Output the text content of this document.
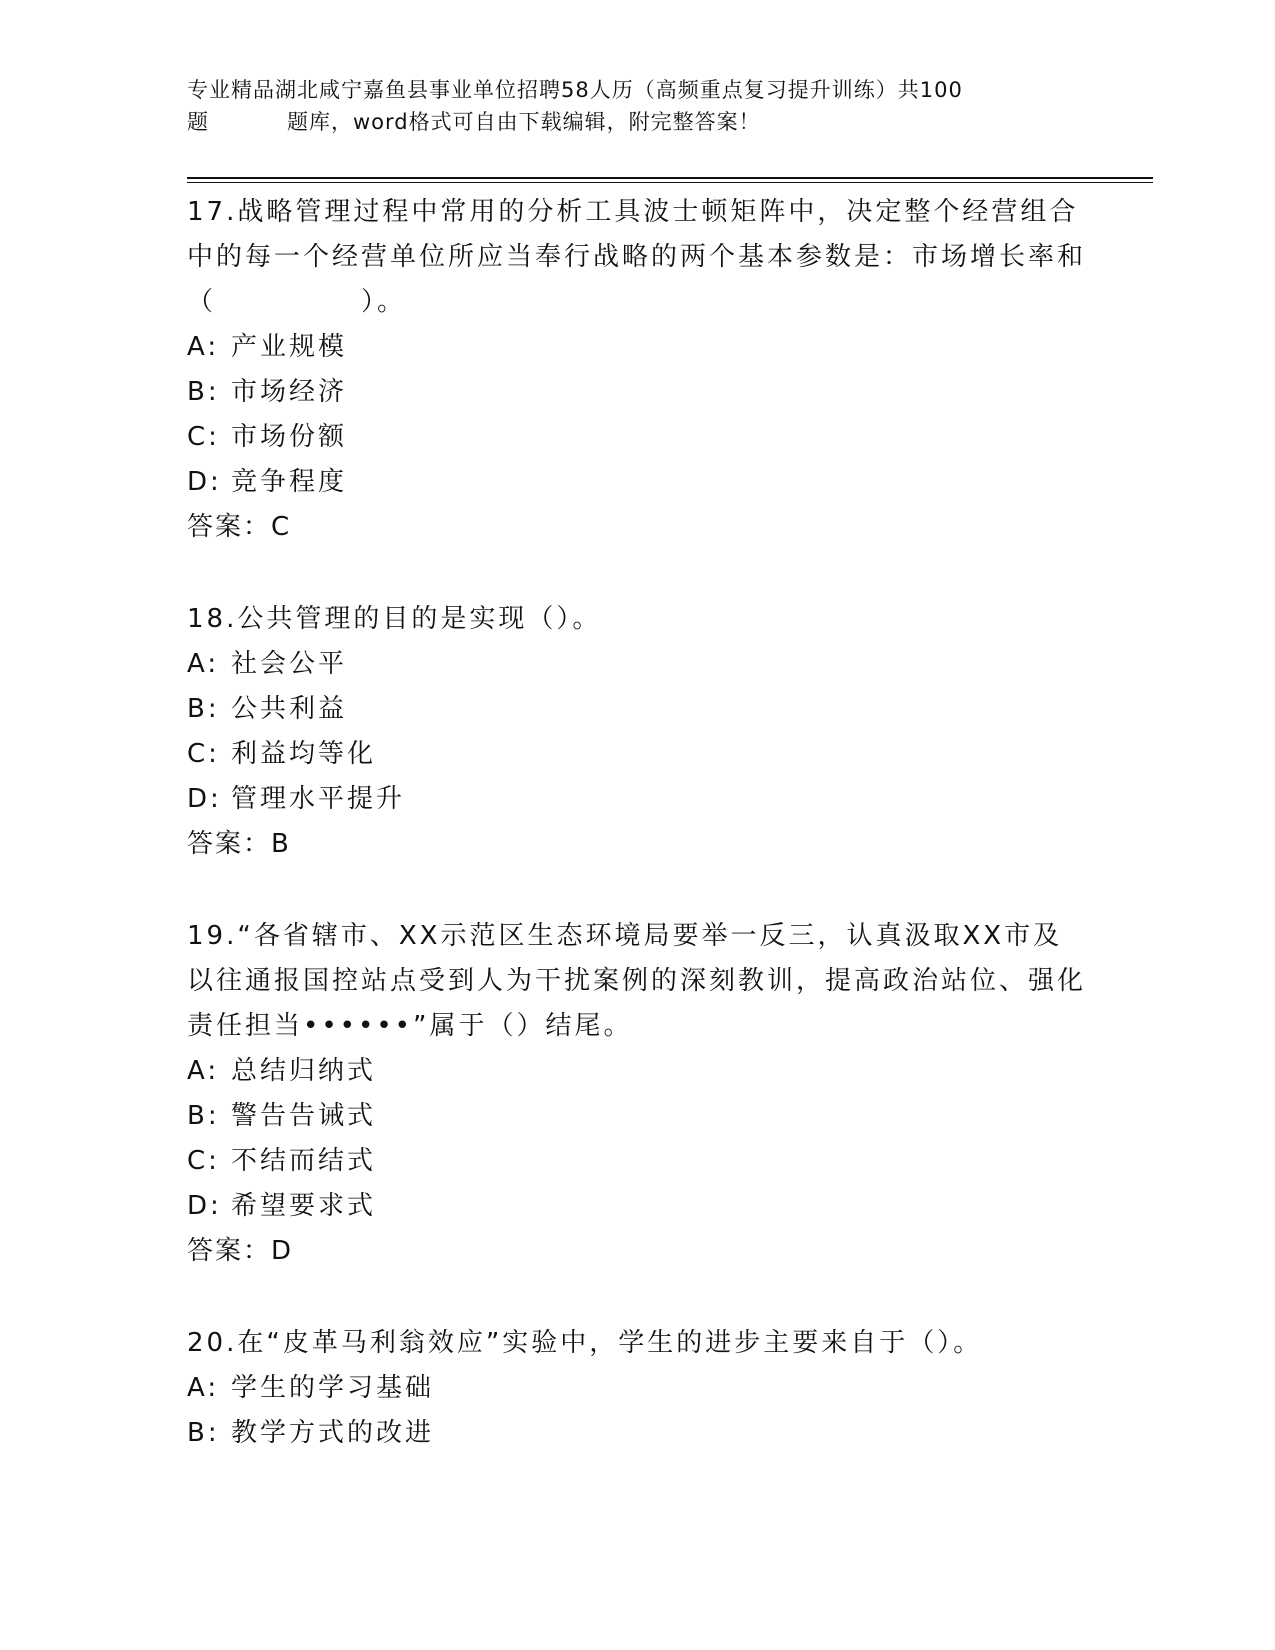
专业精品湖北咸宁嘉鱼县事业单位招聘58人历（高频重点复习提升训练）共100
题	题库，word格式可自由下载编辑，附完整答案！

17.战略管理过程中常用的分析工具波士顿矩阵中，决定整个经营组合中的每一个经营单位所应当奉行战略的两个基本参数是：市场增长率和（　　　　　）。

A: 产业规模
B: 市场经济
C: 市场份额
D: 竞争程度
答案：C

18.公共管理的目的是实现（）。

A: 社会公平
B: 公共利益
C: 利益均等化
D: 管理水平提升
答案：B

19.“各省辖市、XX示范区生态环境局要举一反三，认真汲取XX市及以往通报国控站点受到人为干扰案例的深刻教训，提高政治站位、强化责任担当••••••”属于（）结尾。

A: 总结归纳式
B: 警告告诫式
C: 不结而结式
D: 希望要求式
答案：D

20.在“皮革马利翁效应”实验中，学生的进步主要来自于（）。

A: 学生的学习基础
B: 教学方式的改进
